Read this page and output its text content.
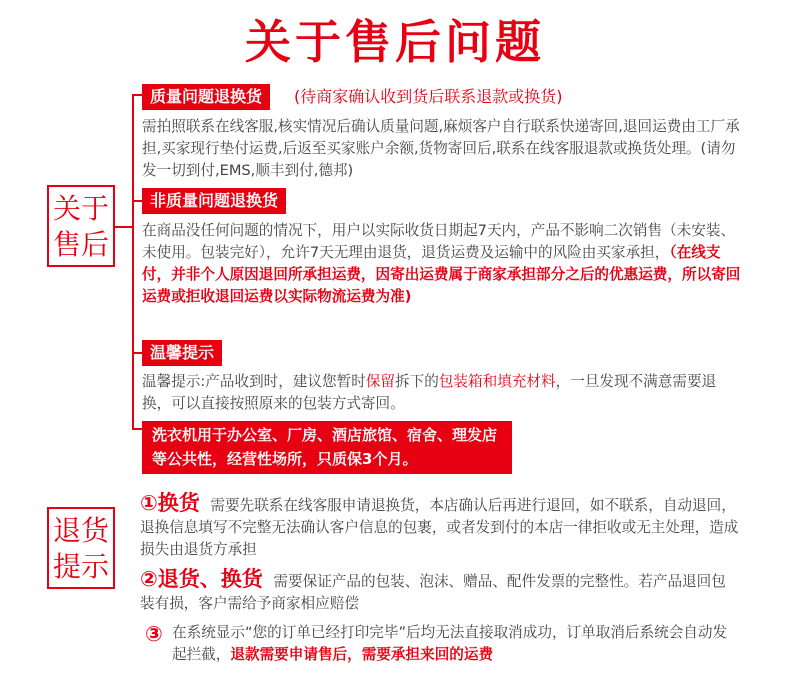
关于售后问题
关于
售后
质量问题退换货	(待商家确认收到货后联系退款或换货)
需拍照联系在线客服,核实情况后确认质量问题,麻烦客户自行联系快递寄回,退回运费由工厂承担,买家现行垫付运费,后返至买家账户余额,货物寄回后,联系在线客服退款或换货处理。(请勿发一切到付,EMS,顺丰到付,德邦)
非质量问题退换货
在商品没任何问题的情况下，用户以实际收货日期起7天内，产品不影响二次销售（未安装、未使用。包装完好），允许7天无理由退货，退货运费及运输中的风险由买家承担，（在线支付，并非个人原因退回所承担运费，因寄出运费属于商家承担部分之后的优惠运费，所以寄回运费或拒收退回运费以实际物流运费为准)
温馨提示
温馨提示:产品收到时，建议您暂时保留拆下的包装箱和填充材料，一旦发现不满意需要退换，可以直接按照原来的包装方式寄回。
洗衣机用于办公室、厂房、酒店旅馆、宿舍、理发店等公共性，经营性场所，只质保3个月。
退货
提示
①换货 需要先联系在线客服申请退换货，本店确认后再进行退回，如不联系，自动退回，退换信息填写不完整无法确认客户信息的包裹，或者发到付的本店一律拒收或无主处理，造成损失由退货方承担
②退货、换货 需要保证产品的包装、泡沫、赠品、配件发票的完整性。若产品退回包装有损，客户需给予商家相应赔偿
③ 在系统显示“您的订单已经打印完毕”后均无法直接取消成功，订单取消后系统会自动发起拦截，退款需要申请售后，需要承担来回的运费
